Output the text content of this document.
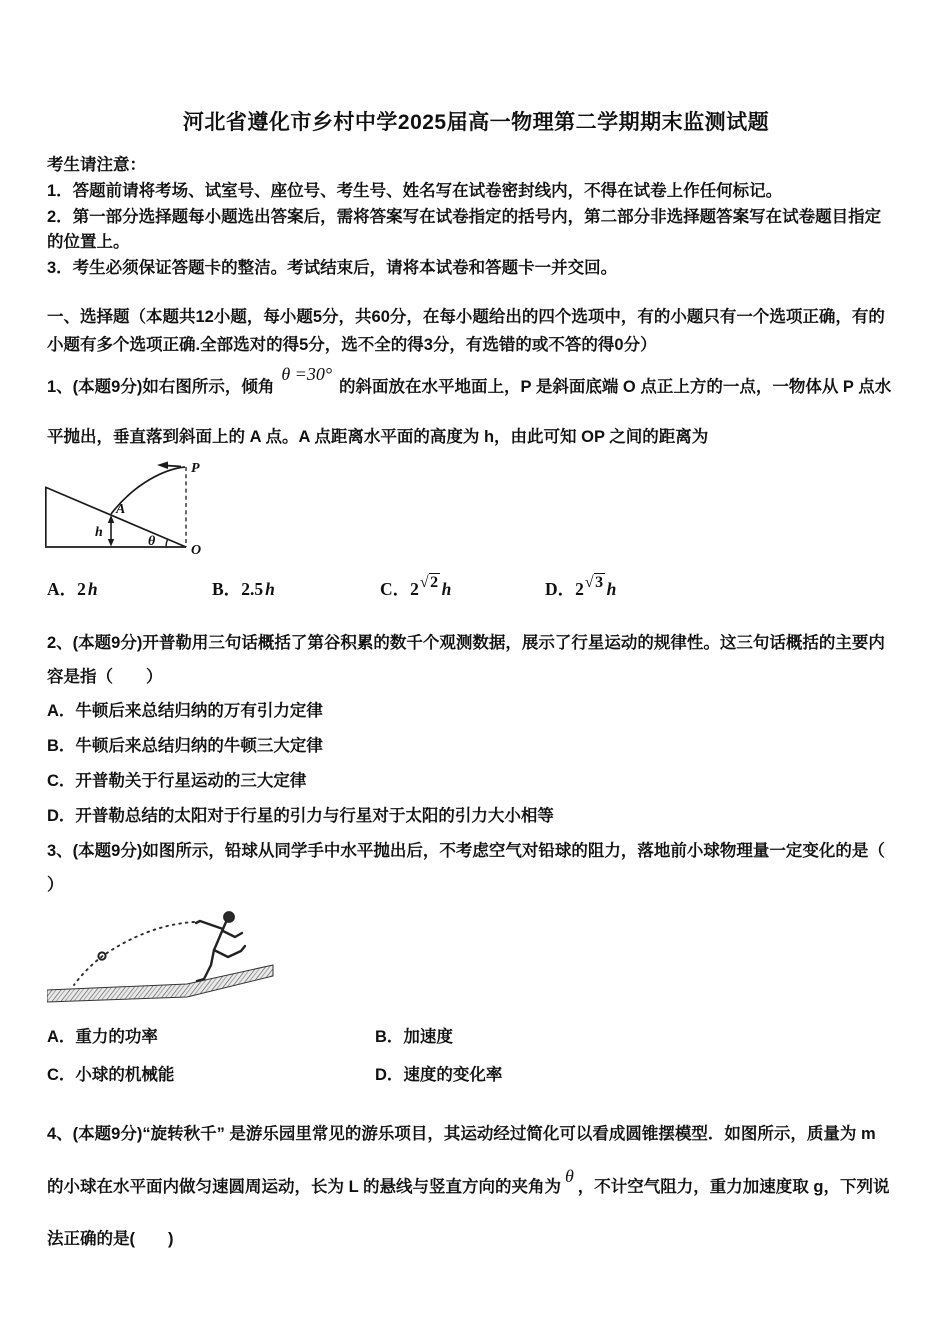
河北省遵化市乡村中学2025届高一物理第二学期期末监测试题
考生请注意：
1．答题前请将考场、试室号、座位号、考生号、姓名写在试卷密封线内，不得在试卷上作任何标记。
2．第一部分选择题每小题选出答案后，需将答案写在试卷指定的括号内，第二部分非选择题答案写在试卷题目指定
的位置上。
3．考生必须保证答题卡的整洁。考试结束后，请将本试卷和答题卡一并交回。
一、选择题（本题共12小题，每小题5分，共60分，在每小题给出的四个选项中，有的小题只有一个选项正确，有的
小题有多个选项正确.全部选对的得5分，选不全的得3分，有选错的或不答的得0分）
1、(本题9分)如右图所示，倾角θ =30°的斜面放在水平地面上，P 是斜面底端 O 点正上方的一点，一物体从 P 点水
平抛出，垂直落到斜面上的 A 点。A 点距离水平面的高度为 h，由此可知 OP 之间的距离为
P
A
h
θ
O
A．2 h	B．2.5 h	C．2√2 h	D．2√3 h
2、(本题9分)开普勒用三句话概括了第谷积累的数千个观测数据，展示了行星运动的规律性。这三句话概括的主要内
容是指（　　）
A．牛顿后来总结归纳的万有引力定律
B．牛顿后来总结归纳的牛顿三大定律
C．开普勒关于行星运动的三大定律
D．开普勒总结的太阳对于行星的引力与行星对于太阳的引力大小相等
3、(本题9分)如图所示，铅球从同学手中水平抛出后，不考虑空气对铅球的阻力，落地前小球物理量一定变化的是（
）
A．重力的功率	B．加速度
C．小球的机械能	D．速度的变化率
4、(本题9分)“旋转秋千” 是游乐园里常见的游乐项目，其运动经过简化可以看成圆锥摆模型．如图所示，质量为 m
的小球在水平面内做匀速圆周运动，长为 L 的悬线与竖直方向的夹角为θ，不计空气阻力，重力加速度取 g，下列说
法正确的是(　　)
